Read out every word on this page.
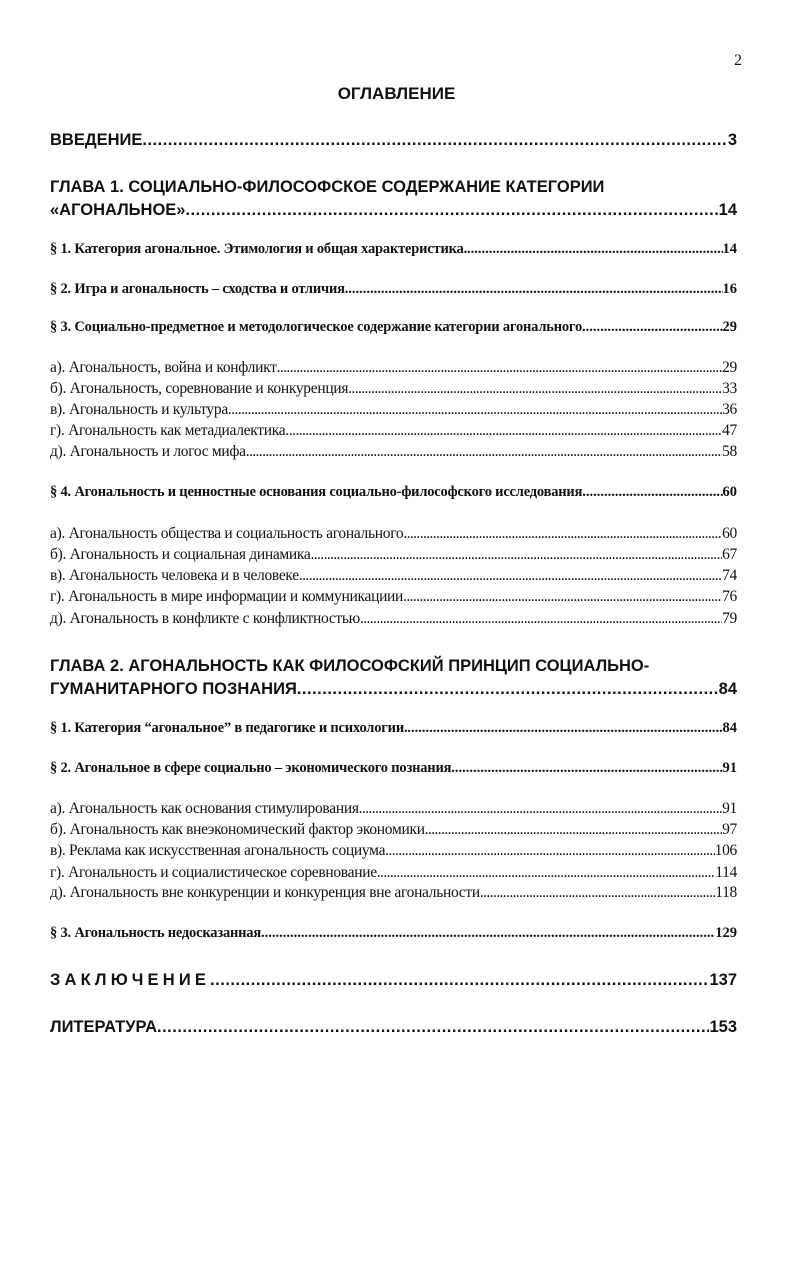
2
ОГЛАВЛЕНИЕ
ВВЕДЕНИЕ .....	3
ГЛАВА 1. СОЦИАЛЬНО-ФИЛОСОФСКОЕ СОДЕРЖАНИЕ КАТЕГОРИИ
«АГОНАЛЬНОЕ» .....	14
§ 1. Категория агональное. Этимология и общая характеристика. .....	14
§ 2. Игра и агональность – сходства и отличия. .....	16
§ 3. Социально-предметное и методологическое содержание категории агонального .....	29
а). Агональность, война и конфликт .....	29
б). Агональность, соревнование и конкуренция .....	33
в). Агональность и культура .....	36
г). Агональность как метадиалектика. .....	47
д). Агональность и логос мифа .....	58
§ 4. Агональность и ценностные основания социально-философского исследования .....	60
а). Агональность общества и социальность агонального .....	60
б). Агональность и социальная динамика .....	67
в). Агональность человека и в человеке .....	74
г). Агональность в мире информации и коммуникациии .....	76
д). Агональность в конфликте с конфликтностью .....	79
ГЛАВА 2. АГОНАЛЬНОСТЬ КАК ФИЛОСОФСКИЙ ПРИНЦИП СОЦИАЛЬНО-
ГУМАНИТАРНОГО ПОЗНАНИЯ .....	84
§ 1. Категория “агональное” в педагогике и психологии. .....	84
§ 2. Агональное в сфере социально – экономического познания .....	91
а). Агональность как основания стимулирования .....	91
б). Агональность как внеэкономический фактор экономики .....	97
в). Реклама как искусственная агональность социума .....	106
г). Агональность и социалистическое соревнование .....	114
д). Агональность вне конкуренции и конкуренция вне агональности .....	118
§ 3. Агональность недосказанная .....	129
ЗАКЛЮЧЕНИЕ .....	137
ЛИТЕРАТУРА .....	153
